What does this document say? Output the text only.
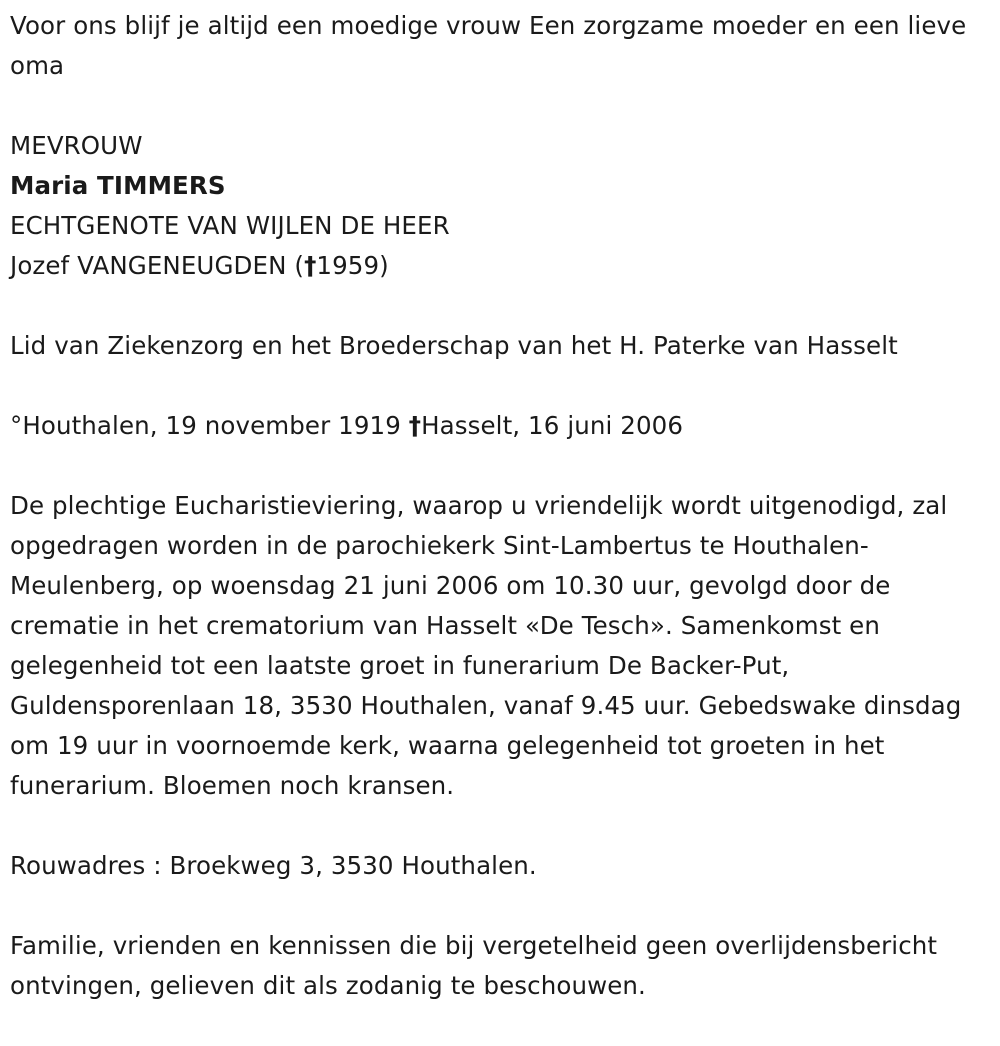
Voor ons blijf je altijd een moedige vrouw Een zorgzame moeder en een lieve oma

MEVROUW

Maria TIMMERS

ECHTGENOTE VAN WIJLEN DE HEER

Jozef VANGENEUGDEN (†1959)

Lid van Ziekenzorg en het Broederschap van het H. Paterke van Hasselt

°Houthalen, 19 november 1919 †Hasselt, 16 juni 2006

De plechtige Eucharistieviering, waarop u vriendelijk wordt uitgenodigd, zal opgedragen worden in de parochiekerk Sint-Lambertus te Houthalen-Meulenberg, op woensdag 21 juni 2006 om 10.30 uur, gevolgd door de crematie in het crematorium van Hasselt «De Tesch». Samenkomst en gelegenheid tot een laatste groet in funerarium De Backer-Put, Guldensporenlaan 18, 3530 Houthalen, vanaf 9.45 uur. Gebedswake dinsdag om 19 uur in voornoemde kerk, waarna gelegenheid tot groeten in het funerarium. Bloemen noch kransen.

Rouwadres : Broekweg 3, 3530 Houthalen.

Familie, vrienden en kennissen die bij vergetelheid geen overlijdensbericht ontvingen, gelieven dit als zodanig te beschouwen.
